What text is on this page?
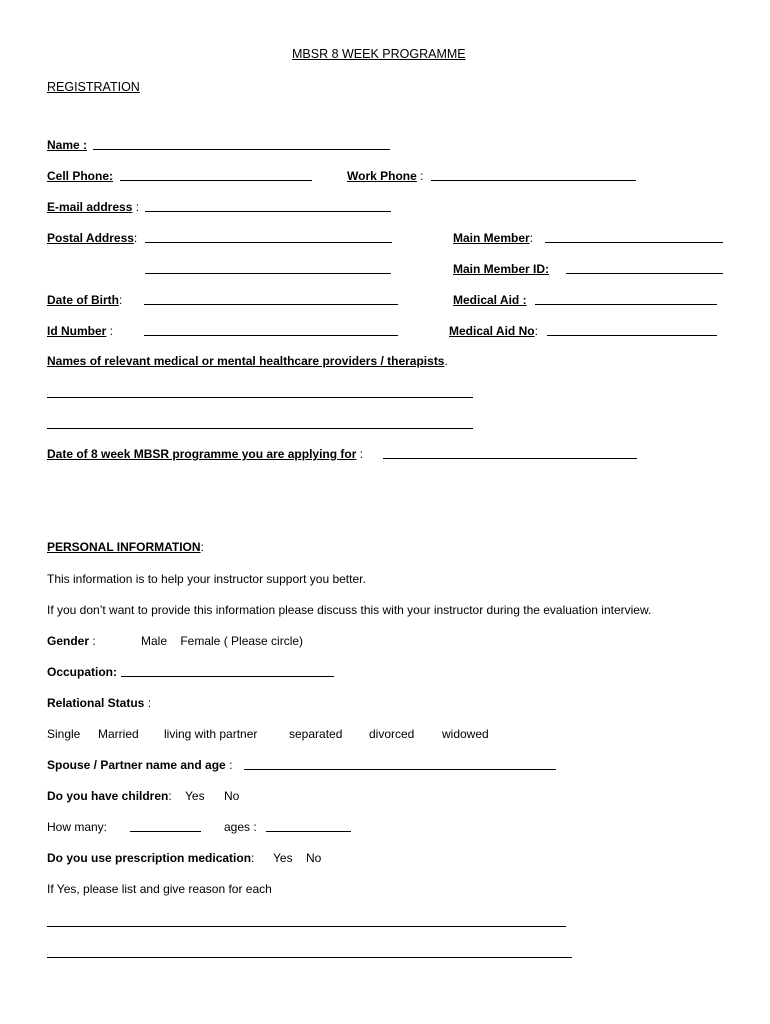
MBSR 8 WEEK PROGRAMME
REGISTRATION
Name :
Cell Phone:	Work Phone :
E-mail address :
Postal Address:	Main Member:
Main Member ID:
Date of Birth:	Medical Aid :
Id Number :	Medical Aid No:
Names of relevant medical or mental healthcare providers / therapists.
Date of 8 week MBSR programme you are applying for :
PERSONAL INFORMATION:
This information is to help your instructor support you better.
If you don’t want to provide this information please discuss this with your instructor during the evaluation interview.
Gender :	Male    Female ( Please circle)
Occupation:
Relational Status :
Single Married living with partner	separated divorced widowed
Spouse / Partner name and age :
Do you have children: Yes No
How many:	ages :
Do you use prescription medication: Yes No
If Yes, please list and give reason for each
